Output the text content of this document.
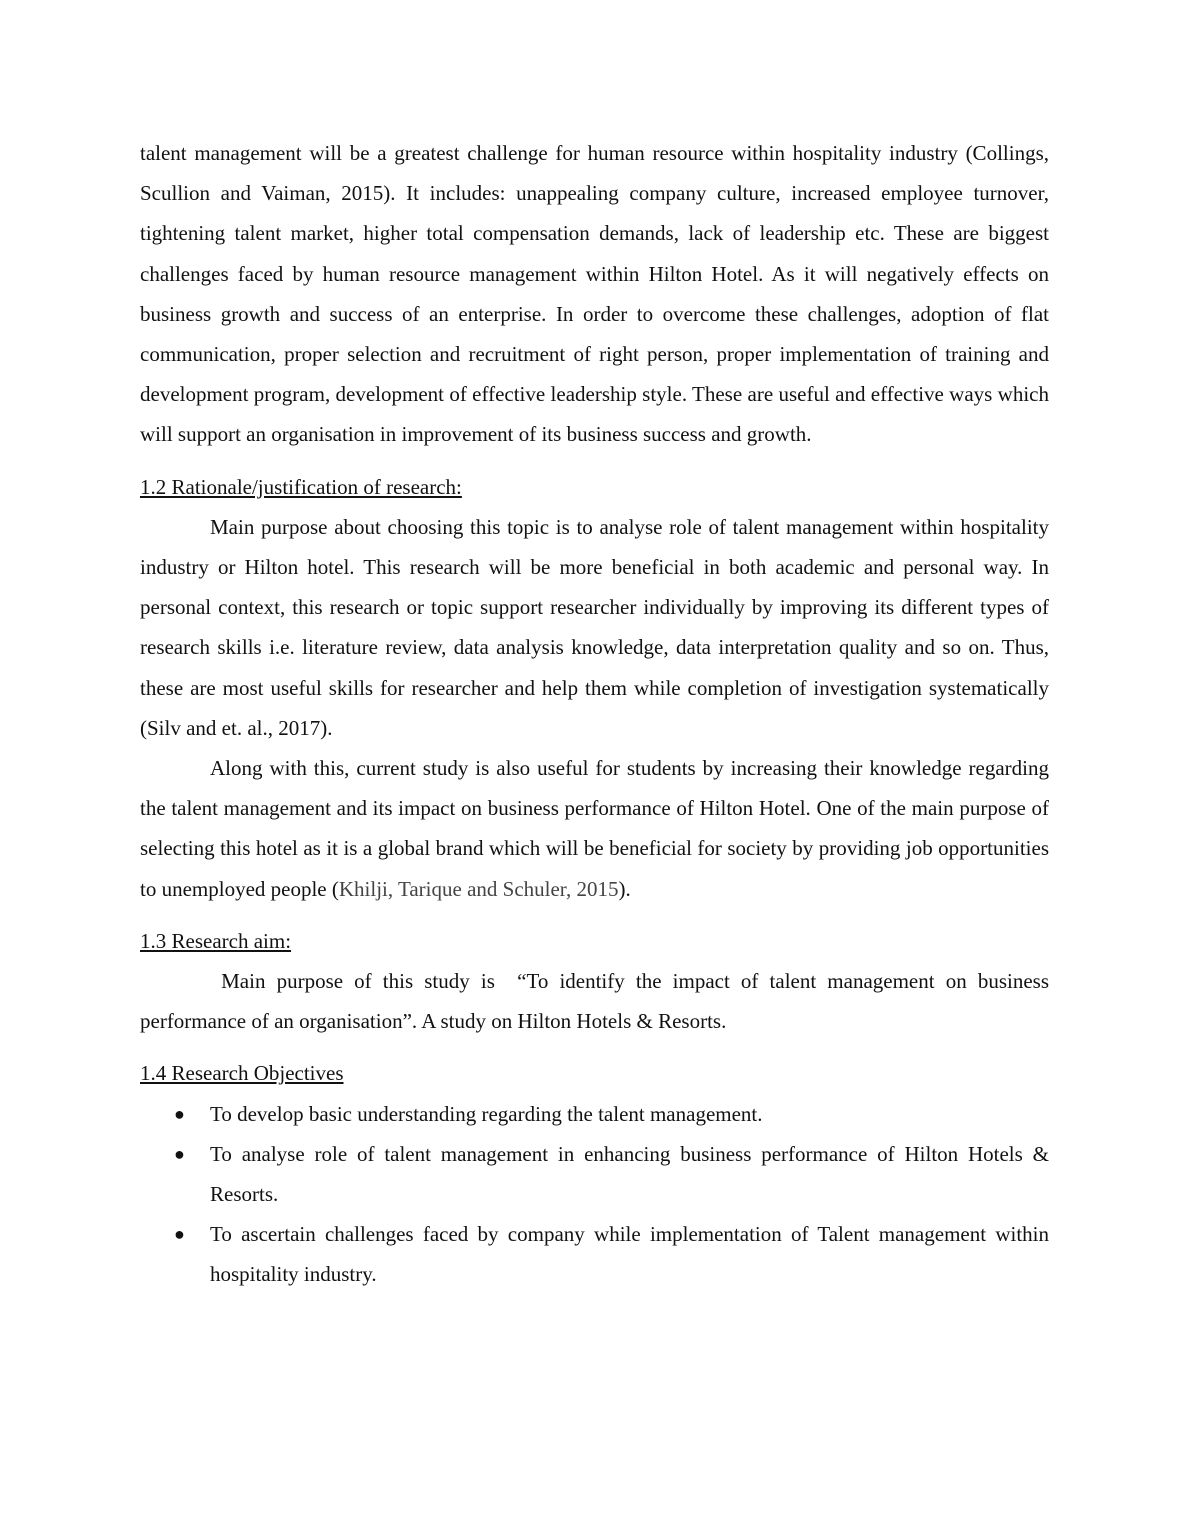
talent management will be a greatest challenge for human resource within hospitality industry (Collings, Scullion and Vaiman, 2015). It includes: unappealing company culture, increased employee turnover, tightening talent market, higher total compensation demands, lack of leadership etc. These are biggest challenges faced by human resource management within Hilton Hotel. As it will negatively effects on business growth and success of an enterprise. In order to overcome these challenges, adoption of flat communication, proper selection and recruitment of right person, proper implementation of training and development program, development of effective leadership style. These are useful and effective ways which will support an organisation in improvement of its business success and growth.

1.2 Rationale/justification of research:

Main purpose about choosing this topic is to analyse role of talent management within hospitality industry or Hilton hotel. This research will be more beneficial in both academic and personal way. In personal context, this research or topic support researcher individually by improving its different types of research skills i.e. literature review, data analysis knowledge, data interpretation quality and so on. Thus, these are most useful skills for researcher and help them while completion of investigation systematically (Silv and et. al., 2017).

Along with this, current study is also useful for students by increasing their knowledge regarding the talent management and its impact on business performance of Hilton Hotel. One of the main purpose of selecting this hotel as it is a global brand which will be beneficial for society by providing job opportunities to unemployed people (Khilji, Tarique and Schuler, 2015).

1.3 Research aim:

Main purpose of this study is  “To identify the impact of talent management on business performance of an organisation”. A study on Hilton Hotels & Resorts.

1.4 Research Objectives
● To develop basic understanding regarding the talent management.
● To analyse role of talent management in enhancing business performance of Hilton Hotels & Resorts.
● To ascertain challenges faced by company while implementation of Talent management within hospitality industry.
